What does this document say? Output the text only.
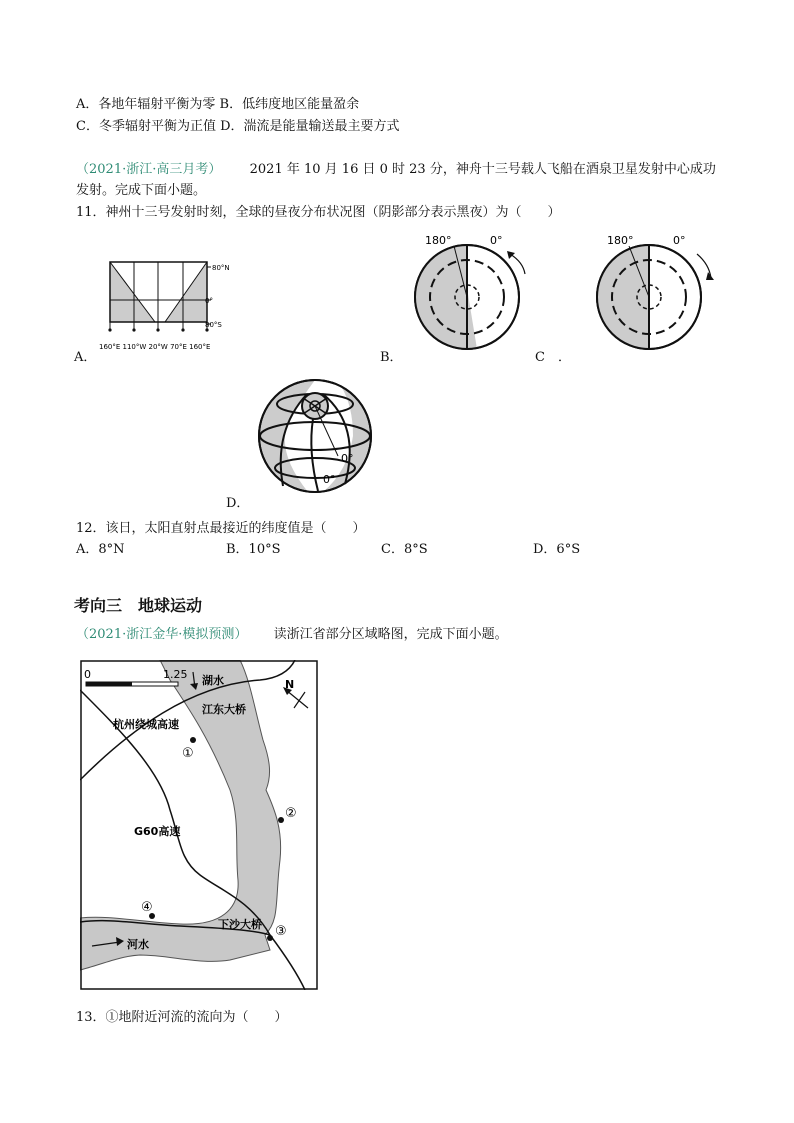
A．各地年辐射平衡为零 B．低纬度地区能量盈余
C．冬季辐射平衡为正值 D．湍流是能量输送最主要方式
（2021·浙江·高三月考） 2021 年 10 月 16 日 0 时 23 分，神舟十三号载人飞船在酒泉卫星发射中心成功
发射。完成下面小题。
11．神州十三号发射时刻，全球的昼夜分布状况图（阴影部分表示黑夜）为（　　）
80°N
0°
80°S
160°E 110°W 20°W 70°E 160°E
A．
180°	0°
B．
180°	0°
C　．
0°
0°
D．
12．该日，太阳直射点最接近的纬度值是（　　）
A．8°N	B．10°S	C．8°S	D．6°S
考向三　地球运动
（2021·浙江金华·模拟预测） 读浙江省部分区域略图，完成下面小题。
0	1.25
N
湖水
河水
江东大桥
杭州绕城高速
G60高速
下沙大桥
①
②
③
④
13．①地附近河流的流向为（　　）
